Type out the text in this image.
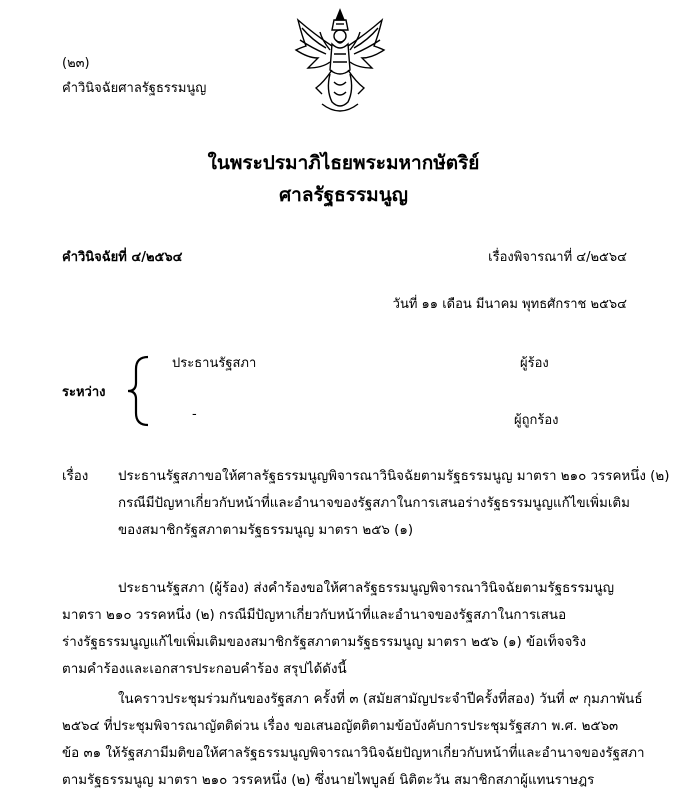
(๒๓)
คำวินิจฉัยศาลรัฐธรรมนูญ
ในพระปรมาภิไธยพระมหากษัตริย์
ศาลรัฐธรรมนูญ
คำวินิจฉัยที่ ๔/๒๕๖๔	เรื่องพิจารณาที่ ๔/๒๕๖๔
วันที่ ๑๑ เดือน มีนาคม พุทธศักราช ๒๕๖๔
ระหว่าง
ประธานรัฐสภา	ผู้ร้อง
-	ผู้ถูกร้อง
เรื่อง ประธานรัฐสภาขอให้ศาลรัฐธรรมนูญพิจารณาวินิจฉัยตามรัฐธรรมนูญ มาตรา ๒๑๐ วรรคหนึ่ง (๒)
กรณีมีปัญหาเกี่ยวกับหน้าที่และอำนาจของรัฐสภาในการเสนอร่างรัฐธรรมนูญแก้ไขเพิ่มเติม
ของสมาชิกรัฐสภาตามรัฐธรรมนูญ มาตรา ๒๕๖ (๑)
ประธานรัฐสภา (ผู้ร้อง) ส่งคำร้องขอให้ศาลรัฐธรรมนูญพิจารณาวินิจฉัยตามรัฐธรรมนูญ
มาตรา ๒๑๐ วรรคหนึ่ง (๒) กรณีมีปัญหาเกี่ยวกับหน้าที่และอำนาจของรัฐสภาในการเสนอ
ร่างรัฐธรรมนูญแก้ไขเพิ่มเติมของสมาชิกรัฐสภาตามรัฐธรรมนูญ มาตรา ๒๕๖ (๑) ข้อเท็จจริง
ตามคำร้องและเอกสารประกอบคำร้อง สรุปได้ดังนี้
ในคราวประชุมร่วมกันของรัฐสภา ครั้งที่ ๓ (สมัยสามัญประจำปีครั้งที่สอง) วันที่ ๙ กุมภาพันธ์
๒๕๖๔ ที่ประชุมพิจารณาญัตติด่วน เรื่อง ขอเสนอญัตติตามข้อบังคับการประชุมรัฐสภา พ.ศ. ๒๕๖๓
ข้อ ๓๑ ให้รัฐสภามีมติขอให้ศาลรัฐธรรมนูญพิจารณาวินิจฉัยปัญหาเกี่ยวกับหน้าที่และอำนาจของรัฐสภา
ตามรัฐธรรมนูญ มาตรา ๒๑๐ วรรคหนึ่ง (๒) ซึ่งนายไพบูลย์ นิติตะวัน สมาชิกสภาผู้แทนราษฎร
